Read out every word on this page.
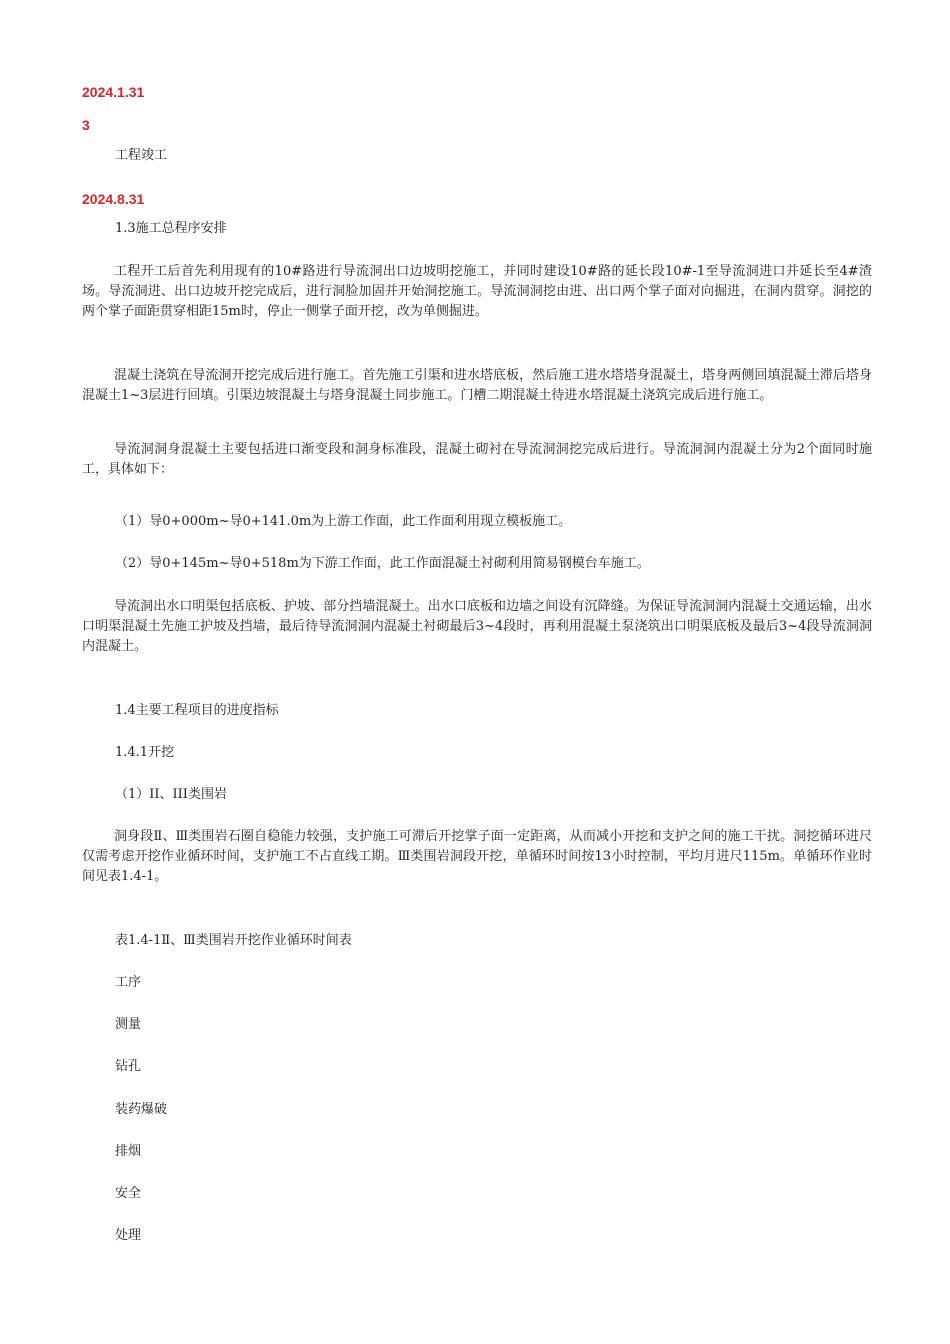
2024.1.31

3

工程竣工

2024.8.31

1.3施工总程序安排

工程开工后首先利用现有的10#路进行导流洞出口边坡明挖施工，并同时建设10#路的延长段10#-1至导流洞进口并延长至4#渣场。导流洞进、出口边坡开挖完成后，进行洞脸加固并开始洞挖施工。导流洞洞挖由进、出口两个掌子面对向掘进，在洞内贯穿。洞挖的两个掌子面距贯穿相距15m时，停止一侧掌子面开挖，改为单侧掘进。

混凝土浇筑在导流洞开挖完成后进行施工。首先施工引渠和进水塔底板，然后施工进水塔塔身混凝土，塔身两侧回填混凝土滞后塔身混凝土1~3层进行回填。引渠边坡混凝土与塔身混凝土同步施工。门槽二期混凝土待进水塔混凝土浇筑完成后进行施工。

导流洞洞身混凝土主要包括进口渐变段和洞身标准段，混凝土砌衬在导流洞洞挖完成后进行。导流洞洞内混凝土分为2个面同时施工，具体如下：

（1）导0+000m~导0+141.0m为上游工作面，此工作面利用现立模板施工。

（2）导0+145m~导0+518m为下游工作面，此工作面混凝土衬砌利用简易钢模台车施工。

导流洞出水口明渠包括底板、护坡、部分挡墙混凝土。出水口底板和边墙之间设有沉降缝。为保证导流洞洞内混凝土交通运输，出水口明渠混凝土先施工护坡及挡墙，最后待导流洞洞内混凝土衬砌最后3~4段时，再利用混凝土泵浇筑出口明渠底板及最后3~4段导流洞洞内混凝土。

1.4主要工程项目的进度指标

1.4.1开挖

（1）II、III类围岩

洞身段Ⅱ、Ⅲ类围岩石圈自稳能力较强，支护施工可滞后开挖掌子面一定距离，从而减小开挖和支护之间的施工干扰。洞挖循环进尺仅需考虑开挖作业循环时间，支护施工不占直线工期。Ⅲ类围岩洞段开挖，单循环时间按13小时控制，平均月进尺115m。单循环作业时间见表1.4-1。

表1.4-1Ⅱ、Ⅲ类围岩开挖作业循环时间表

工序

测量

钻孔

装药爆破

排烟

安全

处理
